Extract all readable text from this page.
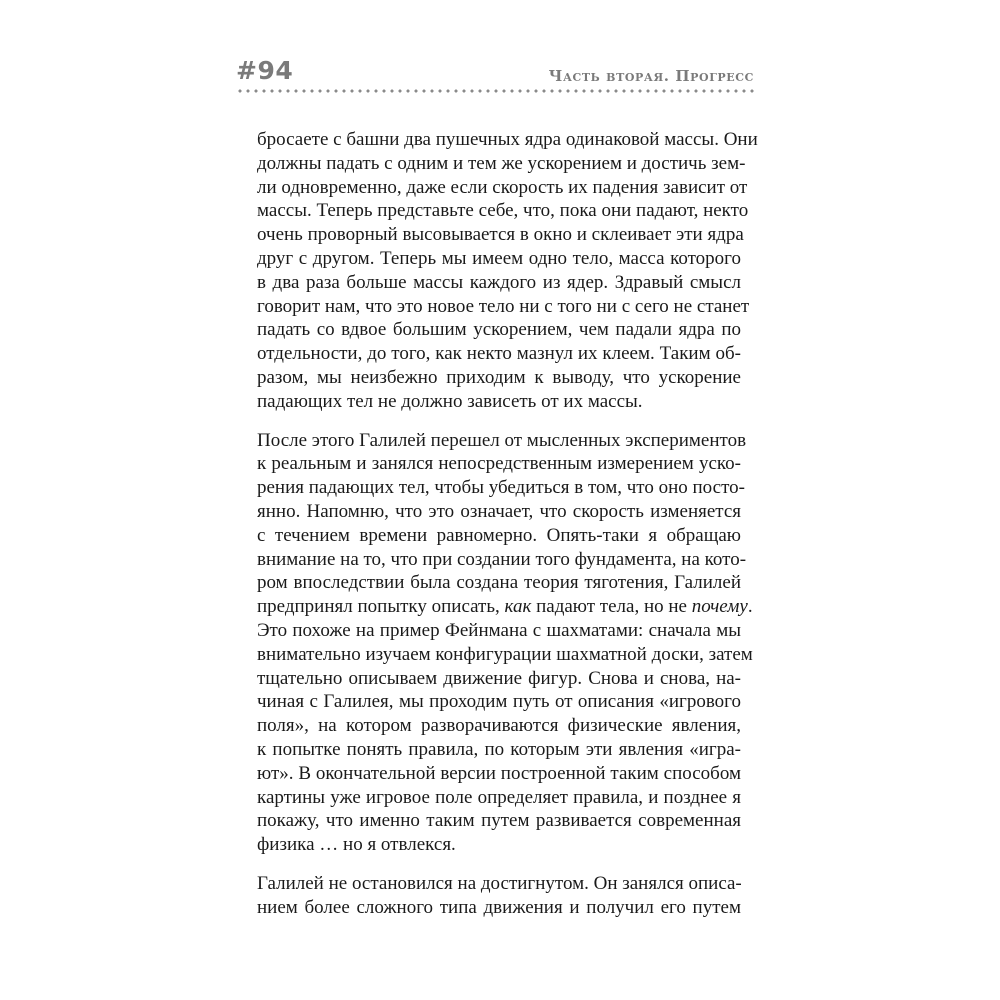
#94	Часть вторая. Прогресс
бросаете с башни два пушечных ядра одинаковой массы. Они
должны падать с одним и тем же ускорением и достичь зем-
ли одновременно, даже если скорость их падения зависит от
массы. Теперь представьте себе, что, пока они падают, некто
очень проворный высовывается в окно и склеивает эти ядра
друг с другом. Теперь мы имеем одно тело, масса которого
в два раза больше массы каждого из ядер. Здравый смысл
говорит нам, что это новое тело ни с того ни с сего не станет
падать со вдвое большим ускорением, чем падали ядра по
отдельности, до того, как некто мазнул их клеем. Таким об-
разом, мы неизбежно приходим к выводу, что ускорение
падающих тел не должно зависеть от их массы.
После этого Галилей перешел от мысленных экспериментов
к реальным и занялся непосредственным измерением уско-
рения падающих тел, чтобы убедиться в том, что оно посто-
янно. Напомню, что это означает, что скорость изменяется
с течением времени равномерно. Опять-таки я обращаю
внимание на то, что при создании того фундамента, на кото-
ром впоследствии была создана теория тяготения, Галилей
предпринял попытку описать, как падают тела, но не почему.
Это похоже на пример Фейнмана с шахматами: сначала мы
внимательно изучаем конфигурации шахматной доски, затем
тщательно описываем движение фигур. Снова и снова, на-
чиная с Галилея, мы проходим путь от описания «игрового
поля», на котором разворачиваются физические явления,
к попытке понять правила, по которым эти явления «игра-
ют». В окончательной версии построенной таким способом
картины уже игровое поле определяет правила, и позднее я
покажу, что именно таким путем развивается современная
физика … но я отвлекся.
Галилей не остановился на достигнутом. Он занялся описа-
нием более сложного типа движения и получил его путем
